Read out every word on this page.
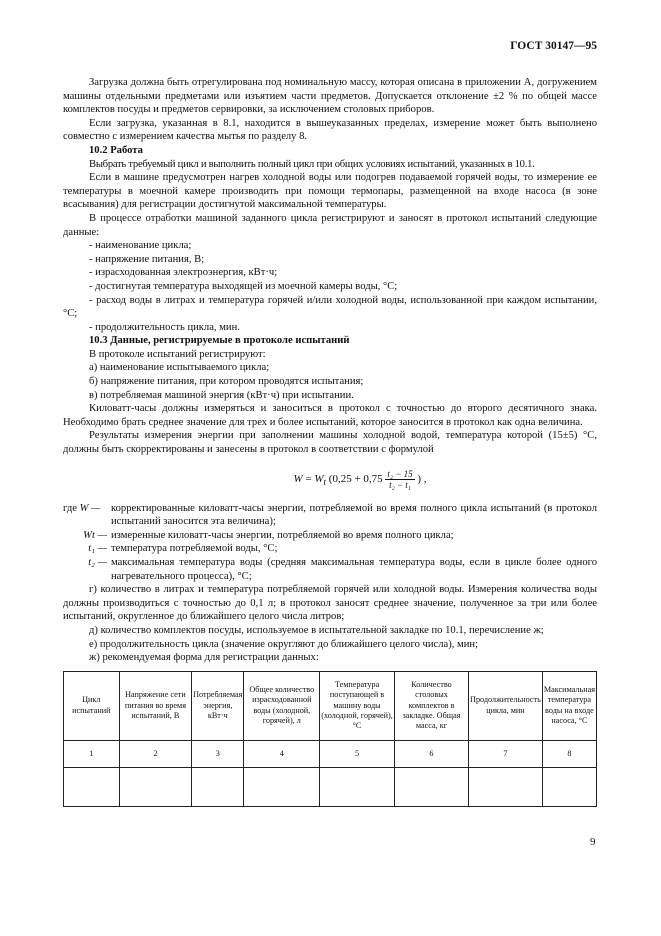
ГОСТ 30147—95

Загрузка должна быть отрегулирована под номинальную массу, которая описана в приложении А, догружением машины отдельными предметами или изъятием части предметов. Допускается отклонение ±2 % по общей массе комплектов посуды и предметов сервировки, за исключением столовых приборов.

Если загрузка, указанная в 8.1, находится в вышеуказанных пределах, измерение может быть выполнено совместно с измерением качества мытья по разделу 8.

10.2 Работа

Выбрать требуемый цикл и выполнить полный цикл при общих условиях испытаний, указанных в 10.1.

Если в машине предусмотрен нагрев холодной воды или подогрев подаваемой горячей воды, то измерение ее температуры в моечной камере производить при помощи термопары, размещенной на входе насоса (в зоне всасывания) для регистрации достигнутой максимальной температуры.

В процессе отработки машиной заданного цикла регистрируют и заносят в протокол испытаний следующие данные:

- наименование цикла;

- напряжение питания, В;

- израсходованная электроэнергия, кВт·ч;

- достигнутая температура выходящей из моечной камеры воды, °С;

- расход воды в литрах и температура горячей и/или холодной воды, использованной при каждом испытании, °С;

- продолжительность цикла, мин.

10.3 Данные, регистрируемые в протоколе испытаний

В протоколе испытаний регистрируют:

а) наименование испытываемого цикла;

б) напряжение питания, при котором проводятся испытания;

в) потребляемая машиной энергия (кВт·ч) при испытании.

Киловатт-часы должны измеряться и заноситься в протокол с точностью до второго десятичного знака. Необходимо брать среднее значение для трех и более испытаний, которое заносится в протокол как одна величина.

Результаты измерения энергии при заполнении машины холодной водой, температура которой (15±5) °С, должны быть скорректированы и занесены в протокол в соответствии с формулой

$W = W_t$ ($0,25 + 0,75 \frac{\text{t₂ − 15}}{\text{t₂ − t₁}}$ ) ,
где W —	корректированные киловатт-часы энергии, потребляемой во время полного цикла испытаний (в протокол испытаний заносится эта величина);
Wt —	измеренные киловатт-часы энергии, потребляемой во время полного цикла;
t₁ —	температура потребляемой воды, °С;
t₂ —	максимальная температура воды (средняя максимальная температура воды, если в цикле более одного нагревательного процесса), °С;

г) количество в литрах и температура потребляемой горячей или холодной воды. Измерения количества воды должны производиться с точностью до 0,1 л; в протокол заносят среднее значение, полученное за три или более испытаний, округленное до ближайшего целого числа литров;

д) количество комплектов посуды, используемое в испытательной закладке по 10.1, перечисление ж;

е) продолжительность цикла (значение округляют до ближайшего целого числа), мин;

ж) рекомендуемая форма для регистрации данных:

Цикл испытаний	Напряжение сети питания во время испытаний, В	Потребляемая энергия, кВт·ч	Общее количество израсходованной воды (холодной, горячей), л	Температура поступающей в машину воды (холодной, горячей), °С	Количество столовых комплектов в закладке. Общая масса, кг	Продолжительность цикла, мин	Максимальная температура воды на входе насоса, °С
1	2	3	4	5	6	7	8

9
